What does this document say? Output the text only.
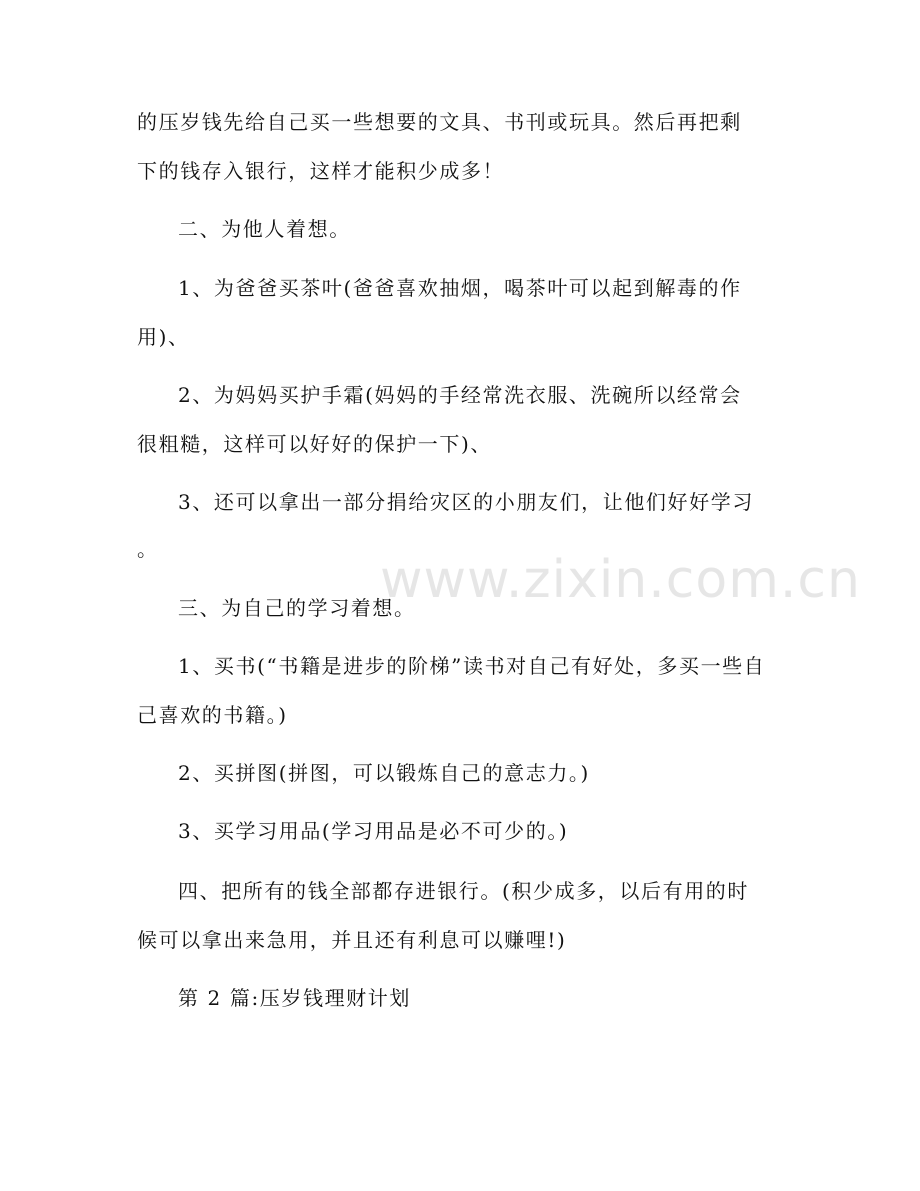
www.zixin.com.cn
的压岁钱先给自己买一些想要的文具、书刊或玩具。然后再把剩
下的钱存入银行，这样才能积少成多！
二、为他人着想。
1、为爸爸买茶叶(爸爸喜欢抽烟，喝茶叶可以起到解毒的作
用)、
2、为妈妈买护手霜(妈妈的手经常洗衣服、洗碗所以经常会
很粗糙，这样可以好好的保护一下)、
3、还可以拿出一部分捐给灾区的小朋友们，让他们好好学习
。
三、为自己的学习着想。
1、买书(“书籍是进步的阶梯”读书对自己有好处，多买一些自
己喜欢的书籍。)
2、买拼图(拼图，可以锻炼自己的意志力。)
3、买学习用品(学习用品是必不可少的。)
四、把所有的钱全部都存进银行。(积少成多，以后有用的时
候可以拿出来急用，并且还有利息可以赚哩!)
第 2 篇:压岁钱理财计划
